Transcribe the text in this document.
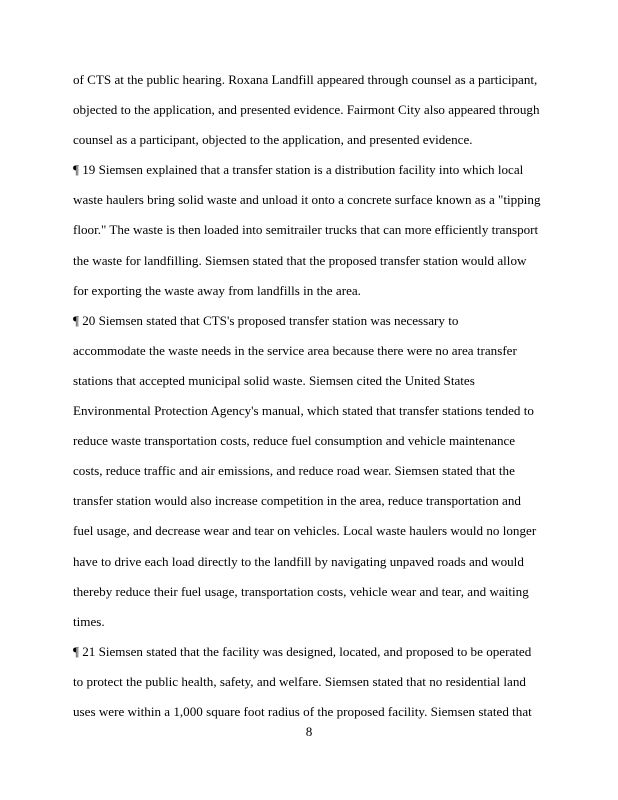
of CTS at the public hearing. Roxana Landfill appeared through counsel as a participant,
objected to the application, and presented evidence. Fairmont City also appeared through
counsel as a participant, objected to the application, and presented evidence.
¶ 19 Siemsen explained that a transfer station is a distribution facility into which local
waste haulers bring solid waste and unload it onto a concrete surface known as a "tipping
floor." The waste is then loaded into semitrailer trucks that can more efficiently transport
the waste for landfilling. Siemsen stated that the proposed transfer station would allow
for exporting the waste away from landfills in the area.
¶ 20 Siemsen stated that CTS's proposed transfer station was necessary to
accommodate the waste needs in the service area because there were no area transfer
stations that accepted municipal solid waste. Siemsen cited the United States
Environmental Protection Agency's manual, which stated that transfer stations tended to
reduce waste transportation costs, reduce fuel consumption and vehicle maintenance
costs, reduce traffic and air emissions, and reduce road wear. Siemsen stated that the
transfer station would also increase competition in the area, reduce transportation and
fuel usage, and decrease wear and tear on vehicles. Local waste haulers would no longer
have to drive each load directly to the landfill by navigating unpaved roads and would
thereby reduce their fuel usage, transportation costs, vehicle wear and tear, and waiting
times.
¶ 21 Siemsen stated that the facility was designed, located, and proposed to be operated
to protect the public health, safety, and welfare. Siemsen stated that no residential land
uses were within a 1,000 square foot radius of the proposed facility. Siemsen stated that
8
